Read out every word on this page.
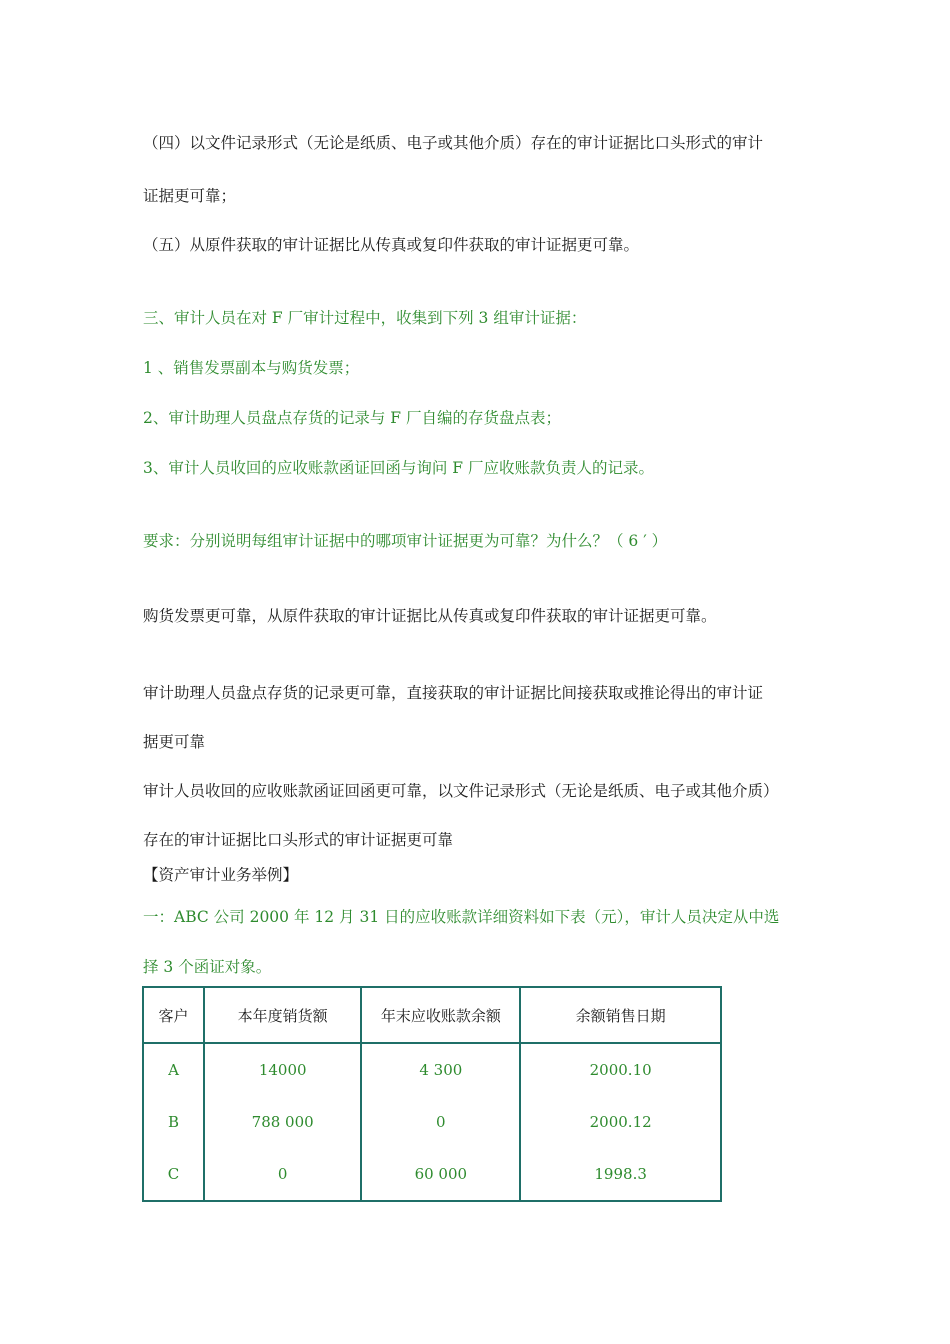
（四）以文件记录形式（无论是纸质、电子或其他介质）存在的审计证据比口头形式的审计
证据更可靠；
（五）从原件获取的审计证据比从传真或复印件获取的审计证据更可靠。
三、审计人员在对 F 厂审计过程中，收集到下列 3 组审计证据：
1 、销售发票副本与购货发票；
2、审计助理人员盘点存货的记录与 F 厂自编的存货盘点表；
3、审计人员收回的应收账款函证回函与询问 F 厂应收账款负责人的记录。
要求：分别说明每组审计证据中的哪项审计证据更为可靠？为什么？（ 6 ′ ）
购货发票更可靠，从原件获取的审计证据比从传真或复印件获取的审计证据更可靠。
审计助理人员盘点存货的记录更可靠，直接获取的审计证据比间接获取或推论得出的审计证
据更可靠
审计人员收回的应收账款函证回函更可靠，以文件记录形式（无论是纸质、电子或其他介质）
存在的审计证据比口头形式的审计证据更可靠
【资产审计业务举例】
一：ABC 公司 2000 年 12 月 31 日的应收账款详细资料如下表（元），审计人员决定从中选
择 3 个函证对象。
客户	本年度销货额	年末应收账款余额	余额销售日期
A	14000	4 300	2000.10
B	788 000	0	2000.12
C	0	60 000	1998.3
